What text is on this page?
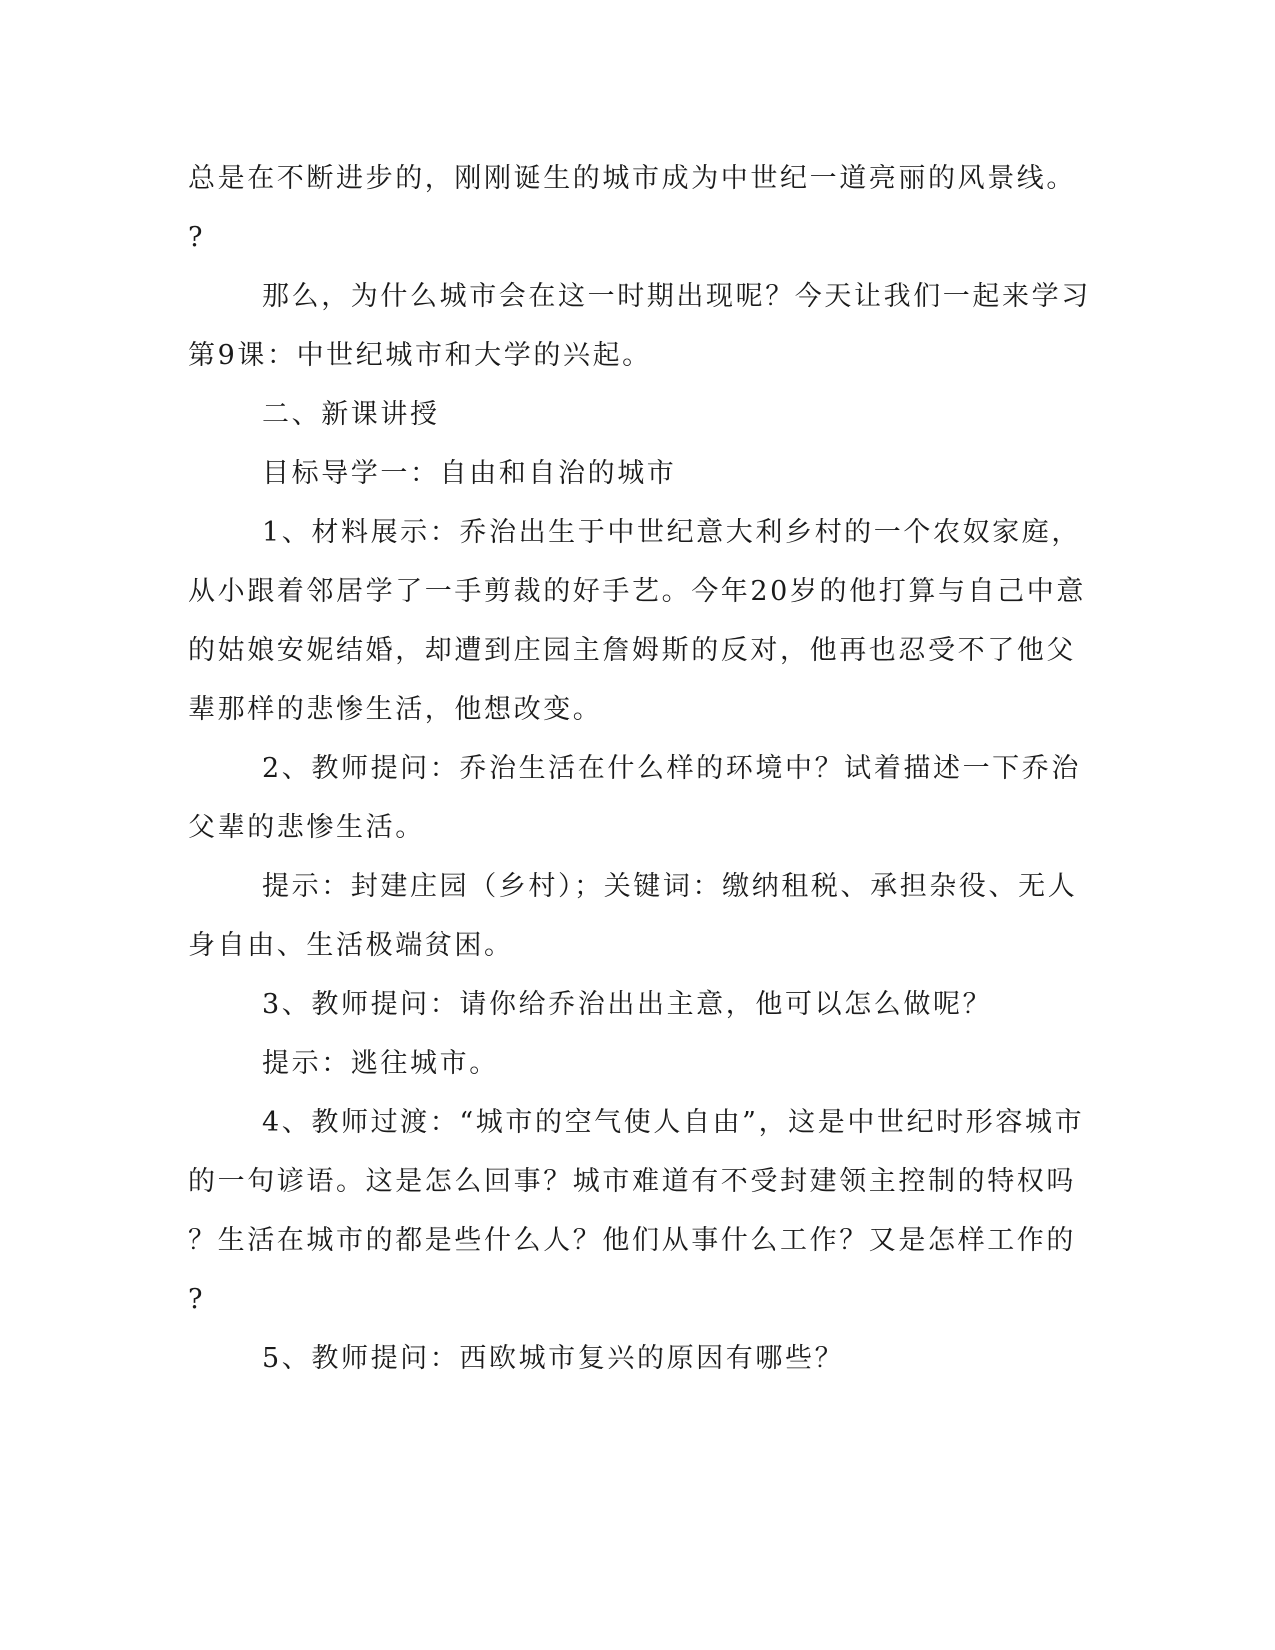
总是在不断进步的，刚刚诞生的城市成为中世纪一道亮丽的风景线。

?

那么，为什么城市会在这一时期出现呢？今天让我们一起来学习

第9课：中世纪城市和大学的兴起。

二、新课讲授

目标导学一：自由和自治的城市

1、材料展示：乔治出生于中世纪意大利乡村的一个农奴家庭，

从小跟着邻居学了一手剪裁的好手艺。今年20岁的他打算与自己中意

的姑娘安妮结婚，却遭到庄园主詹姆斯的反对，他再也忍受不了他父

辈那样的悲惨生活，他想改变。

2、教师提问：乔治生活在什么样的环境中？试着描述一下乔治

父辈的悲惨生活。

提示：封建庄园（乡村）；关键词：缴纳租税、承担杂役、无人

身自由、生活极端贫困。

3、教师提问：请你给乔治出出主意，他可以怎么做呢？

提示：逃往城市。

4、教师过渡：“城市的空气使人自由”，这是中世纪时形容城市

的一句谚语。这是怎么回事？城市难道有不受封建领主控制的特权吗

？生活在城市的都是些什么人？他们从事什么工作？又是怎样工作的

?

5、教师提问：西欧城市复兴的原因有哪些？
